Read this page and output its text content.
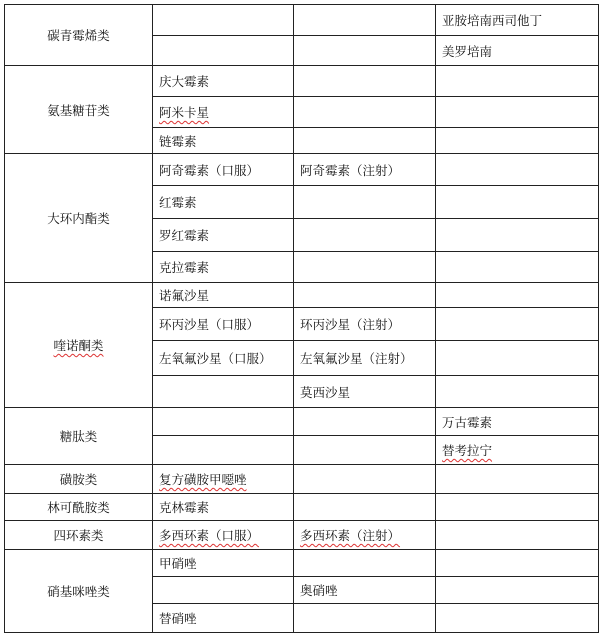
碳青霉烯类			亚胺培南西司他丁
			美罗培南
氨基糖苷类	庆大霉素		
	阿米卡星		
	链霉素		
大环内酯类	阿奇霉素（口服）	阿奇霉素（注射）	
	红霉素		
	罗红霉素		
	克拉霉素		
喹诺酮类	诺氟沙星		
	环丙沙星（口服）	环丙沙星（注射）	
	左氧氟沙星（口服）	左氧氟沙星（注射）	
		莫西沙星	
糖肽类			万古霉素
			替考拉宁
磺胺类	复方磺胺甲噁唑		
林可酰胺类	克林霉素		
四环素类	多西环素（口服）	多西环素（注射）	
硝基咪唑类	甲硝唑		
		奥硝唑	
	替硝唑		
